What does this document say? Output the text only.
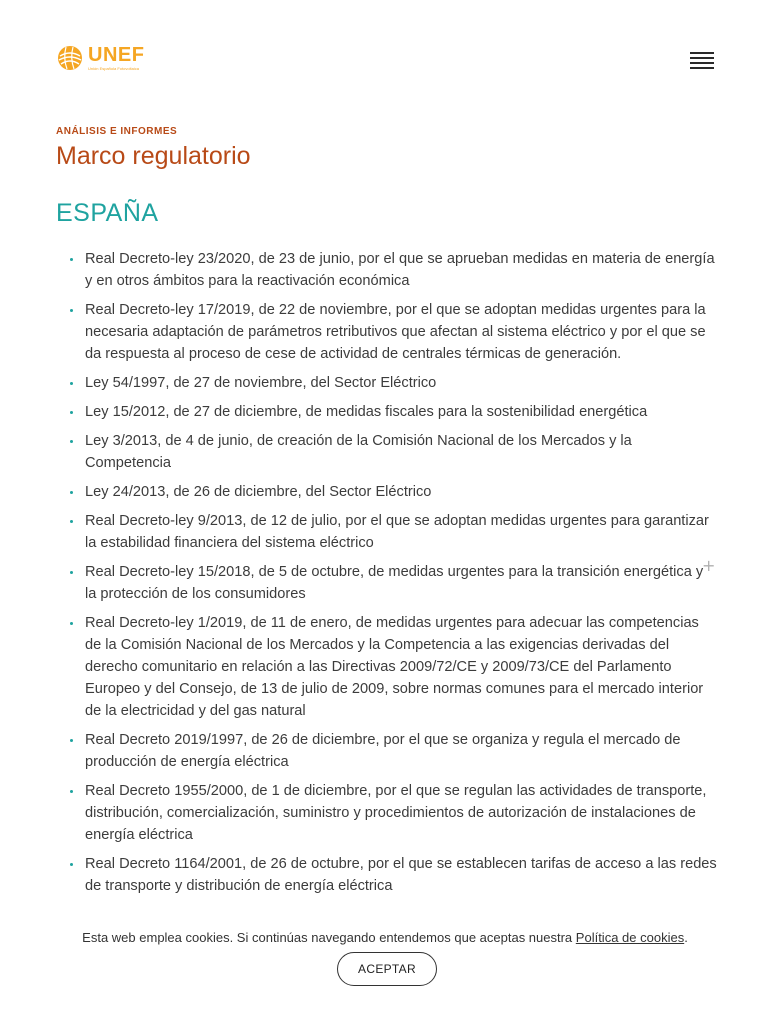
UNEF
Unión Española Fotovoltaica
ANÁLISIS E INFORMES
Marco regulatorio
ESPAÑA
Real Decreto-ley 23/2020, de 23 de junio, por el que se aprueban medidas en materia de energía y en otros ámbitos para la reactivación económica
Real Decreto-ley 17/2019, de 22 de noviembre, por el que se adoptan medidas urgentes para la necesaria adaptación de parámetros retributivos que afectan al sistema eléctrico y por el que se da respuesta al proceso de cese de actividad de centrales térmicas de generación.
Ley 54/1997, de 27 de noviembre, del Sector Eléctrico
Ley 15/2012, de 27 de diciembre, de medidas fiscales para la sostenibilidad energética
Ley 3/2013, de 4 de junio, de creación de la Comisión Nacional de los Mercados y la Competencia
Ley 24/2013, de 26 de diciembre, del Sector Eléctrico
Real Decreto-ley 9/2013, de 12 de julio, por el que se adoptan medidas urgentes para garantizar la estabilidad financiera del sistema eléctrico
Real Decreto-ley 15/2018, de 5 de octubre, de medidas urgentes para la transición energética y la protección de los consumidores
Real Decreto-ley 1/2019, de 11 de enero, de medidas urgentes para adecuar las competencias de la Comisión Nacional de los Mercados y la Competencia a las exigencias derivadas del derecho comunitario en relación a las Directivas 2009/72/CE y 2009/73/CE del Parlamento Europeo y del Consejo, de 13 de julio de 2009, sobre normas comunes para el mercado interior de la electricidad y del gas natural
Real Decreto 2019/1997, de 26 de diciembre, por el que se organiza y regula el mercado de producción de energía eléctrica
Real Decreto 1955/2000, de 1 de diciembre, por el que se regulan las actividades de transporte, distribución, comercialización, suministro y procedimientos de autorización de instalaciones de energía eléctrica
Real Decreto 1164/2001, de 26 de octubre, por el que se establecen tarifas de acceso a las redes de transporte y distribución de energía eléctrica
+
Esta web emplea cookies. Si continúas navegando entendemos que aceptas nuestra Política de cookies. ACEPTAR
